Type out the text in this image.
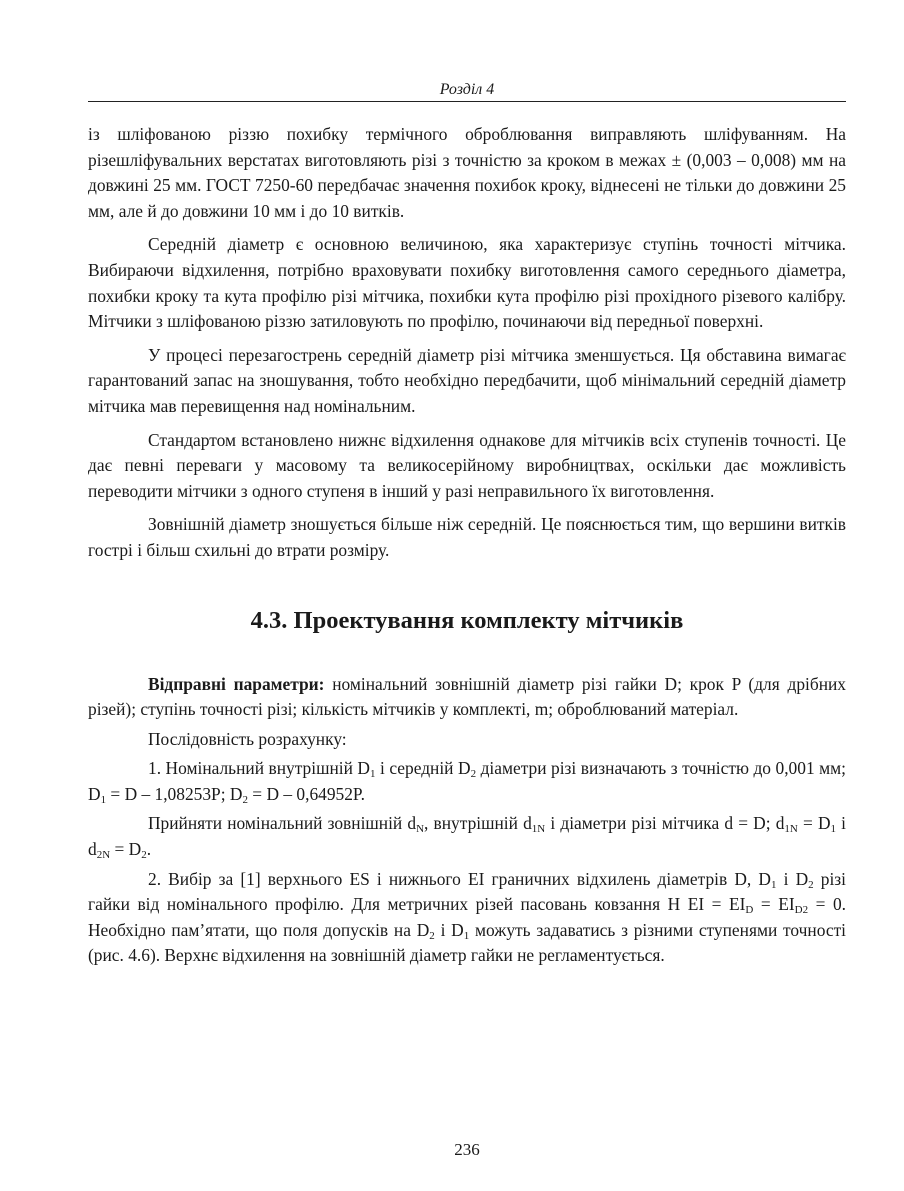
Розділ 4

із шліфованою різзю похибку термічного оброблювання виправляють шліфуванням. На різешліфувальних верстатах виготовляють різі з точністю за кроком в межах ± (0,003 – 0,008) мм на довжині 25 мм. ГОСТ 7250-60 передбачає значення похибок кроку, віднесені не тільки до довжини 25 мм, але й до довжини 10 мм і до 10 витків.

Середній діаметр є основною величиною, яка характеризує ступінь точності мітчика. Вибираючи відхилення, потрібно враховувати похибку виготовлення самого середнього діаметра, похибки кроку та кута профілю різі мітчика, похибки кута профілю різі прохідного різевого калібру. Мітчики з шліфованою різзю затиловують по профілю, починаючи від передньої поверхні.

У процесі перезагострень середній діаметр різі мітчика зменшується. Ця обставина вимагає гарантований запас на зношування, тобто необхідно передбачити, щоб мінімальний середній діаметр мітчика мав перевищення над номінальним.

Стандартом встановлено нижнє відхилення однакове для мітчиків всіх ступенів точності. Це дає певні переваги у масовому та великосерійному виробництвах, оскільки дає можливість переводити мітчики з одного ступеня в інший у разі неправильного їх виготовлення.

Зовнішній діаметр зношується більше ніж середній. Це пояснюється тим, що вершини витків гострі і більш схильні до втрати розміру.

4.3. Проектування комплекту мітчиків

Відправні параметри: номінальний зовнішній діаметр різі гайки D; крок P (для дрібних різей); ступінь точності різі; кількість мітчиків у комплекті, m; оброблюваний матеріал.

Послідовність розрахунку:

1. Номінальний внутрішній $D_1$ і середній $D_2$ діаметри різі визначають з точністю до 0,001 мм; $D_1 = D - 1,08253P$; $D_2 = D - 0,64952P$.

Прийняти номінальний зовнішній $d_N$, внутрішній $d_{1N}$ і діаметри різі мітчика d = D; $d_{1N} = D_1$ і $d_{2N} = D_2$.

2. Вибір за [1] верхнього ES і нижнього EI граничних відхилень діаметрів D, $D_1$ і $D_2$ різі гайки від номінального профілю. Для метричних різей пасовань ковзання H EI = $EI_D = EI_{D2} = 0$. Необхідно пам’ятати, що поля допусків на $D_2$ і $D_1$ можуть задаватись з різними ступенями точності (рис. 4.6). Верхнє відхилення на зовнішній діаметр гайки не регламентується.

236
